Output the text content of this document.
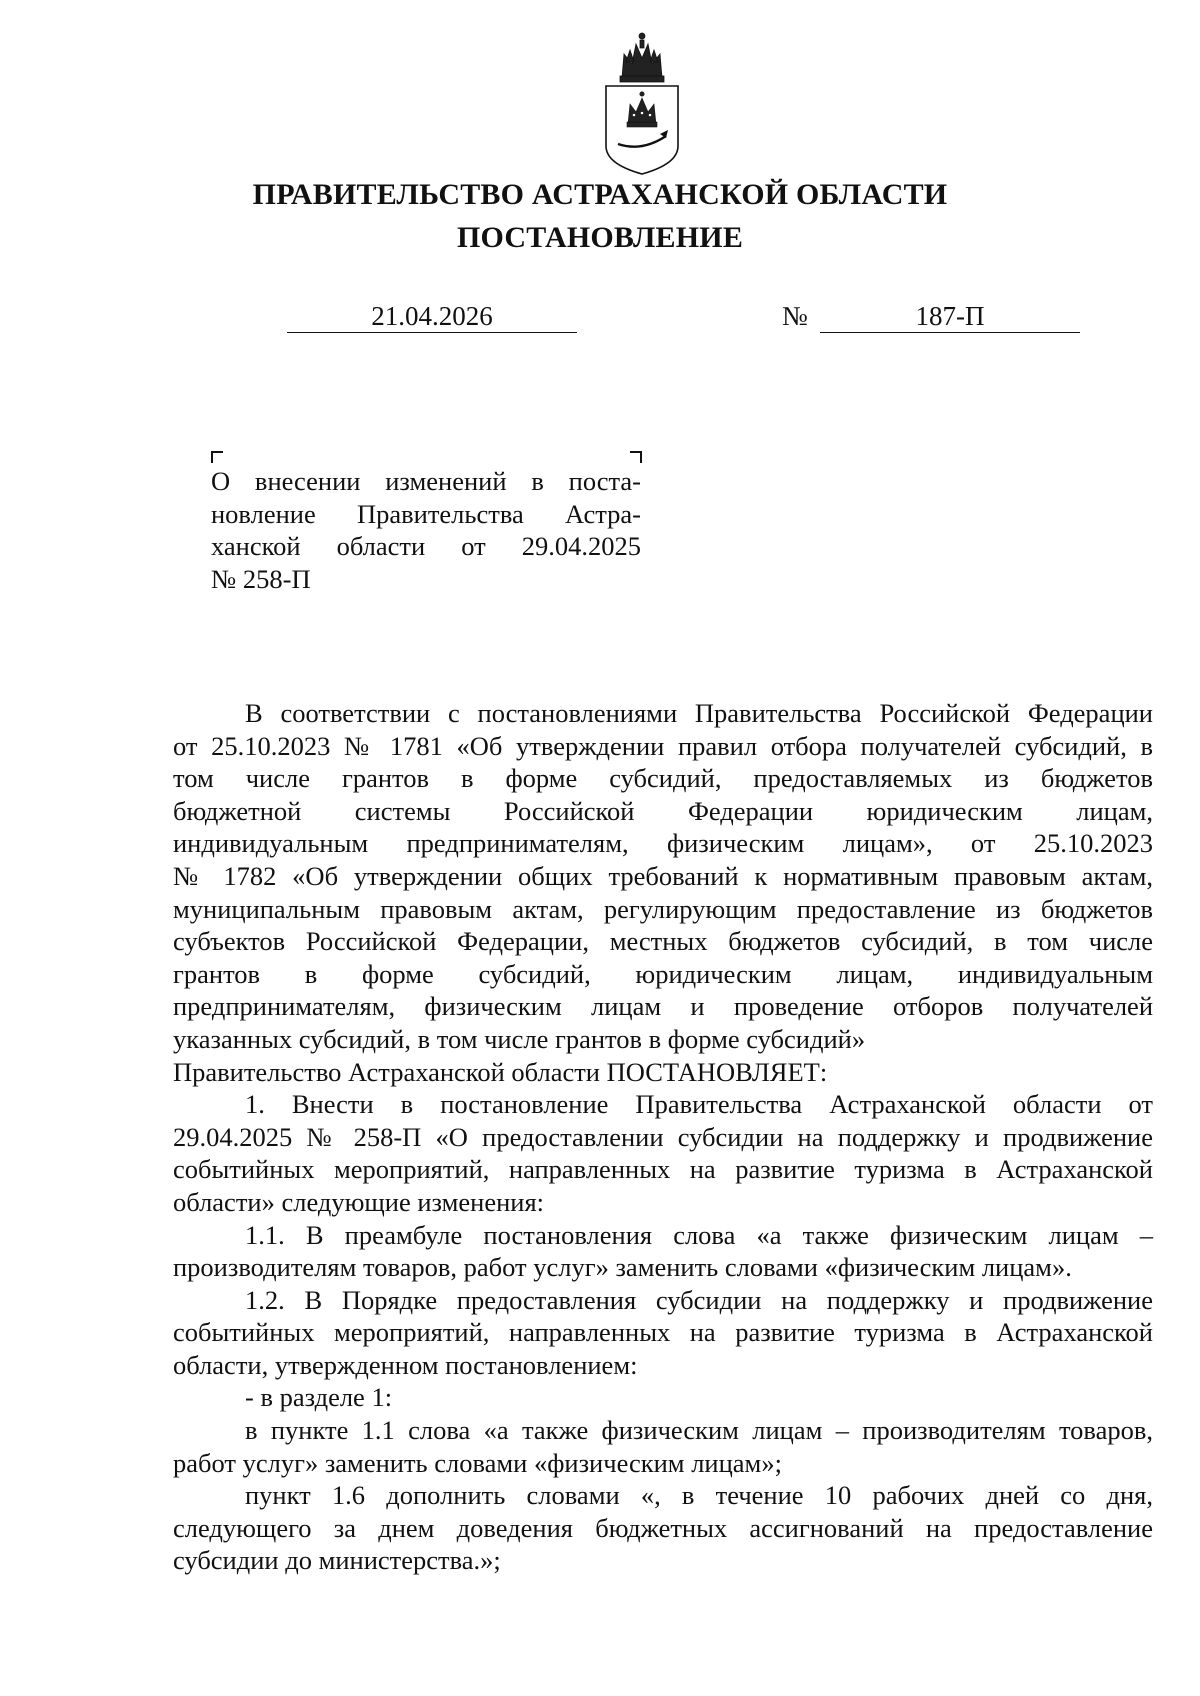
ПРАВИТЕЛЬСТВО АСТРАХАНСКОЙ ОБЛАСТИ
ПОСТАНОВЛЕНИЕ
21.04.2026	№	187-П
О внесении изменений в поста-
новление Правительства Астра-
ханской области от 29.04.2025
№ 258-П
В соответствии с постановлениями Правительства Российской Федерации
от 25.10.2023 № 1781 «Об утверждении правил отбора получателей субсидий, в
том числе грантов в форме субсидий, предоставляемых из бюджетов
бюджетной системы Российской Федерации юридическим лицам,
индивидуальным предпринимателям, физическим лицам», от 25.10.2023
№ 1782 «Об утверждении общих требований к нормативным правовым актам,
муниципальным правовым актам, регулирующим предоставление из бюджетов
субъектов Российской Федерации, местных бюджетов субсидий, в том числе
грантов в форме субсидий, юридическим лицам, индивидуальным
предпринимателям, физическим лицам и проведение отборов получателей
указанных субсидий, в том числе грантов в форме субсидий»
Правительство Астраханской области ПОСТАНОВЛЯЕТ:
1. Внести в постановление Правительства Астраханской области от
29.04.2025 № 258-П «О предоставлении субсидии на поддержку и продвижение
событийных мероприятий, направленных на развитие туризма в Астраханской
области» следующие изменения:
1.1. В преамбуле постановления слова «а также физическим лицам –
производителям товаров, работ услуг» заменить словами «физическим лицам».
1.2. В Порядке предоставления субсидии на поддержку и продвижение
событийных мероприятий, направленных на развитие туризма в Астраханской
области, утвержденном постановлением:
- в разделе 1:
в пункте 1.1 слова «а также физическим лицам – производителям товаров,
работ услуг» заменить словами «физическим лицам»;
пункт 1.6 дополнить словами «, в течение 10 рабочих дней со дня,
следующего за днем доведения бюджетных ассигнований на предоставление
субсидии до министерства.»;
